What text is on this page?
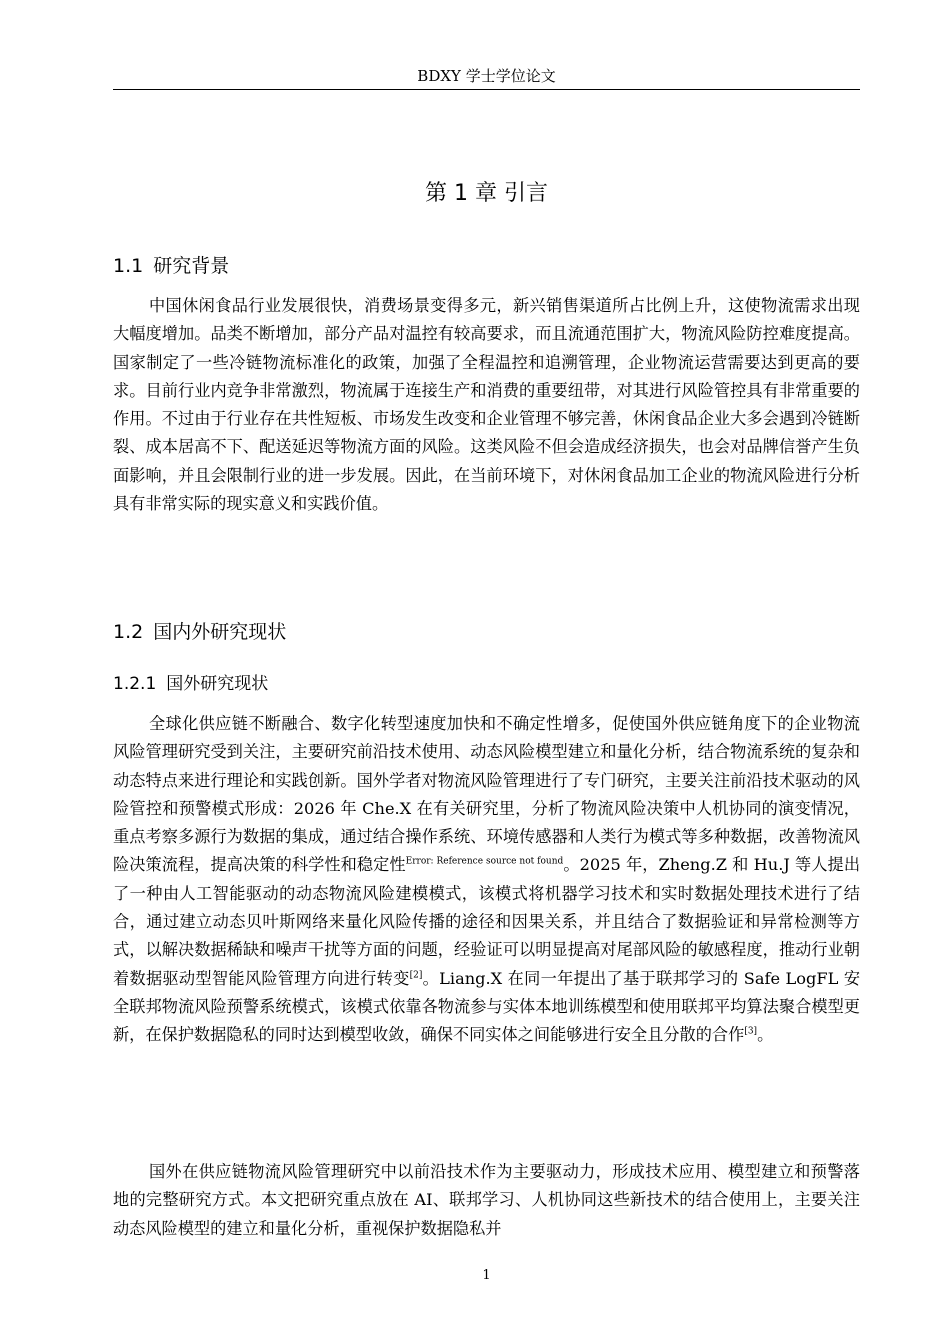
BDXY 学士学位论文
第 1 章 引言
1.1 研究背景

中国休闲食品行业发展很快，消费场景变得多元，新兴销售渠道所占比例上升，这使物流需求出现大幅度增加。品类不断增加，部分产品对温控有较高要求，而且流通范围扩大，物流风险防控难度提高。国家制定了一些冷链物流标准化的政策，加强了全程温控和追溯管理，企业物流运营需要达到更高的要求。目前行业内竞争非常激烈，物流属于连接生产和消费的重要纽带，对其进行风险管控具有非常重要的作用。不过由于行业存在共性短板、市场发生改变和企业管理不够完善，休闲食品企业大多会遇到冷链断裂、成本居高不下、配送延迟等物流方面的风险。这类风险不但会造成经济损失，也会对品牌信誉产生负面影响，并且会限制行业的进一步发展。因此，在当前环境下，对休闲食品加工企业的物流风险进行分析具有非常实际的现实意义和实践价值。

1.2 国内外研究现状
1.2.1 国外研究现状

全球化供应链不断融合、数字化转型速度加快和不确定性增多，促使国外供应链角度下的企业物流风险管理研究受到关注，主要研究前沿技术使用、动态风险模型建立和量化分析，结合物流系统的复杂和动态特点来进行理论和实践创新。国外学者对物流风险管理进行了专门研究，主要关注前沿技术驱动的风险管控和预警模式形成：2026 年 Che.X 在有关研究里，分析了物流风险决策中人机协同的演变情况，重点考察多源行为数据的集成，通过结合操作系统、环境传感器和人类行为模式等多种数据，改善物流风险决策流程，提高决策的科学性和稳定性$^{Error: Reference source not found}$。2025 年，Zheng.Z 和 Hu.J 等人提出了一种由人工智能驱动的动态物流风险建模模式，该模式将机器学习技术和实时数据处理技术进行了结合，通过建立动态贝叶斯网络来量化风险传播的途径和因果关系，并且结合了数据验证和异常检测等方式，以解决数据稀缺和噪声干扰等方面的问题，经验证可以明显提高对尾部风险的敏感程度，推动行业朝着数据驱动型智能风险管理方向进行转变[2]。Liang.X 在同一年提出了基于联邦学习的 Safe LogFL 安全联邦物流风险预警系统模式，该模式依靠各物流参与实体本地训练模型和使用联邦平均算法聚合模型更新，在保护数据隐私的同时达到模型收敛，确保不同实体之间能够进行安全且分散的合作[3]。

国外在供应链物流风险管理研究中以前沿技术作为主要驱动力，形成技术应用、模型建立和预警落地的完整研究方式。本文把研究重点放在 AI、联邦学习、人机协同这些新技术的结合使用上，主要关注动态风险模型的建立和量化分析，重视保护数据隐私并

1
